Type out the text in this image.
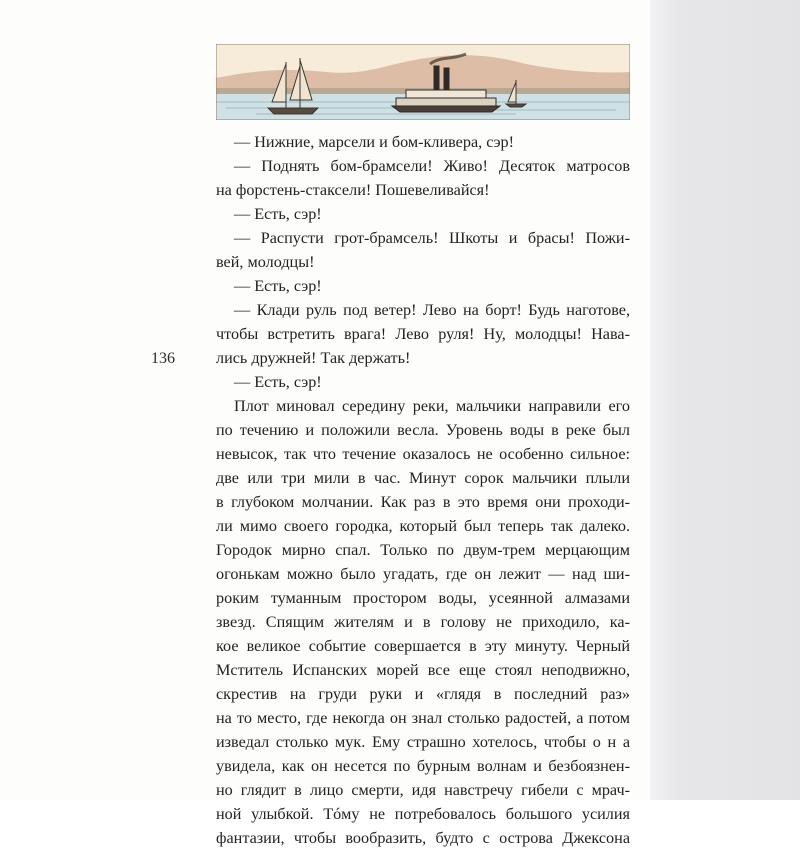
136
— Нижние, марсели и бом-кливера, сэр!
— Поднять бом-брамсели! Живо! Десяток матросов
на форстень-стаксели! Пошевеливайся!
— Есть, сэр!
— Распусти грот-брамсель! Шкоты и брасы! Пожи-
вей, молодцы!
— Есть, сэр!
— Клади руль под ветер! Лево на борт! Будь наготове,
чтобы встретить врага! Лево руля! Ну, молодцы! Нава-
лись дружней! Так держать!
— Есть, сэр!
Плот миновал середину реки, мальчики направили его
по течению и положили весла. Уровень воды в реке был
невысок, так что течение оказалось не особенно сильное:
две или три мили в час. Минут сорок мальчики плыли
в глубоком молчании. Как раз в это время они проходи-
ли мимо своего городка, который был теперь так далеко.
Городок мирно спал. Только по двум-трем мерцающим
огонькам можно было угадать, где он лежит — над ши-
роким туманным простором воды, усеянной алмазами
звезд. Спящим жителям и в голову не приходило, ка-
кое великое событие совершается в эту минуту. Черный
Мститель Испанских морей все еще стоял неподвижно,
скрестив на груди руки и «глядя в последний раз»
на то место, где некогда он знал столько радостей, а потом
изведал столько мук. Ему страшно хотелось, чтобы о н а
увидела, как он несется по бурным волнам и безбоязнен-
но глядит в лицо смерти, идя навстречу гибели с мрач-
ной улыбкой. Тóму не потребовалось большого усилия
фантазии, чтобы вообразить, будто с острова Джексона
